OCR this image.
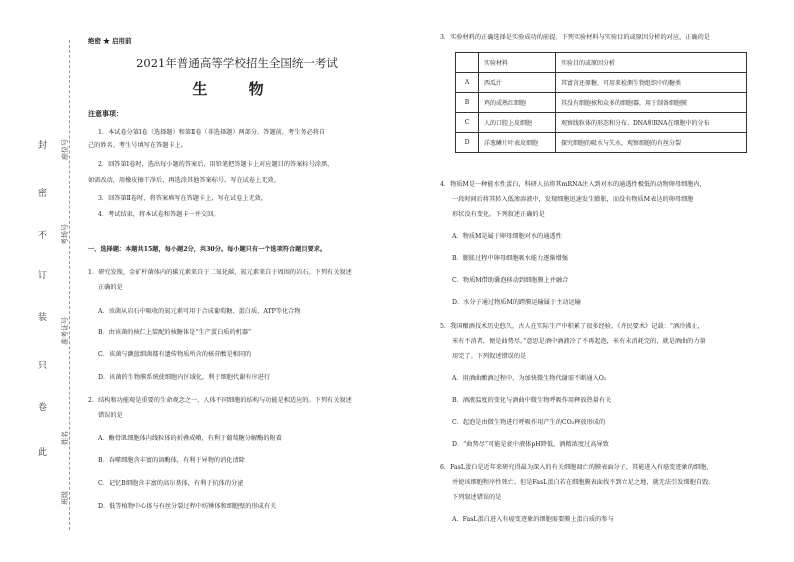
封
密
不
订
装
只
卷
此
座位号
考场号
准考证号
姓名
班级
绝密 ★ 启用前
2021年普通高等学校招生全国统一考试
生 物
注意事项：
1．本试卷分第Ⅰ卷（选择题）和第Ⅱ卷（非选择题）两部分。答题前，考生务必将自
己的姓名、考生号填写在答题卡上。
2．回答第Ⅰ卷时，选出每小题的答案后，用铅笔把答题卡上对应题目的答案标号涂黑，
如需改动，用橡皮擦干净后，再选涂其他答案标号。写在试卷上无效。
3．回答第Ⅱ卷时，将答案填写在答题卡上，写在试卷上无效。
4．考试结束，将本试卷和答题卡一并交回。
一、选择题：本题共15题，每小题2分，共30分。每小题只有一个选项符合题目要求。
1．研究发现，金矿杆菌体内的碳元素来自于二氧化碳，氮元素来自于周围的岩石。下列有关叙述
正确的是
A．该菌从岩石中吸收的氮元素可用于合成葡萄糖、蛋白质、ATP等化合物
B．由该菌的核仁上装配的核糖体是“生产蛋白质的机器”
C．该菌与颤蓝细菌都有遗传物质所含的核苷酸是相同的
D．该菌的生物膜系统使细胞内区域化，利于细胞代谢有序进行
2．结构和功能观是重要的生命观念之一，人体不同细胞的结构与功能是相适应的。下列有关叙述
错误的是
A．酶骨肌细胞体内线粒体的折叠成嵴，有利于葡萄糖分解酶的附着
B．吞噬细胞含丰富的溶酶体，有利于异物的消化清除
C．记忆B细胞含丰富的高尔基体，有利于抗体的分泌
D．低等植物中心体与有丝分裂过程中纺锤体和细胞壁的形成有关
3．实验材料的正确选择是实验成功的前提。下列实验材料与实验目的或原因分析的对应，正确的是
	实验材料	实验目的或原因分析
A	西瓜汁	其富含还原糖，可用来检测生物组织中的糖类
B	鸡的成熟红细胞	其没有细胞核和众多的细胞器，用于制备细胞膜
C	人的口腔上皮细胞	观察线粒体的形态和分布、DNA和RNA在细胞中的分布
D	洋葱鳞片叶表皮细胞	探究细胞的吸水与失水，观察细胞的有丝分裂
4．物质M是一种能水性蛋白，科研人员将其mRNA注入到对水的通透性极低的动物卵母细胞内，
一段时间后将其转入低渗溶液中，发现细胞迅速发生膨胀，而没有物质M表达的卵母细胞
形状没有变化。下列叙述正确的是
A．物质M是属于卵母细胞对水的通透性
B．膨胀过程中卵母细胞吸水能力逐渐增强
C．物质M借助囊泡移动到细胞膜上并融合
D．水分子通过物质M的跨膜运输属于主动运输
5．我国酿酒技术历史悠久，古人在实际生产中积累了很多经验。《齐民要术》记载：“酒冷沸止，
米有不消者，便是曲势尽。”意思是酒中酒液冷了不再起泡，米有未消耗完的，就是酒曲的力量
用完了。下列叙述错误的是
A．用酒曲酿酒过程中，为加快微生物代谢需不断通入O₂
B．酒液温度的变化与酒曲中微生物呼吸作用释放热量有关
C．起泡是由微生物进行呼吸作用产生的CO₂释放形成的
D．“曲势尽”可能是瓮中液体pH降低、酒精浓度过高导致
6．FasL蛋白是近年来研究得最为深入的有关细胞凋亡的膜表面分子，其能进入有癌变迹象的细胞，
并使该细胞程序性死亡。但是FasL蛋白若在细胞膜表面找不到立足之地，就无法引发细胞自毁。
下列叙述错误的是
A．FasL蛋白进入有癌变迹象的细胞需要膜上蛋白质的参与
